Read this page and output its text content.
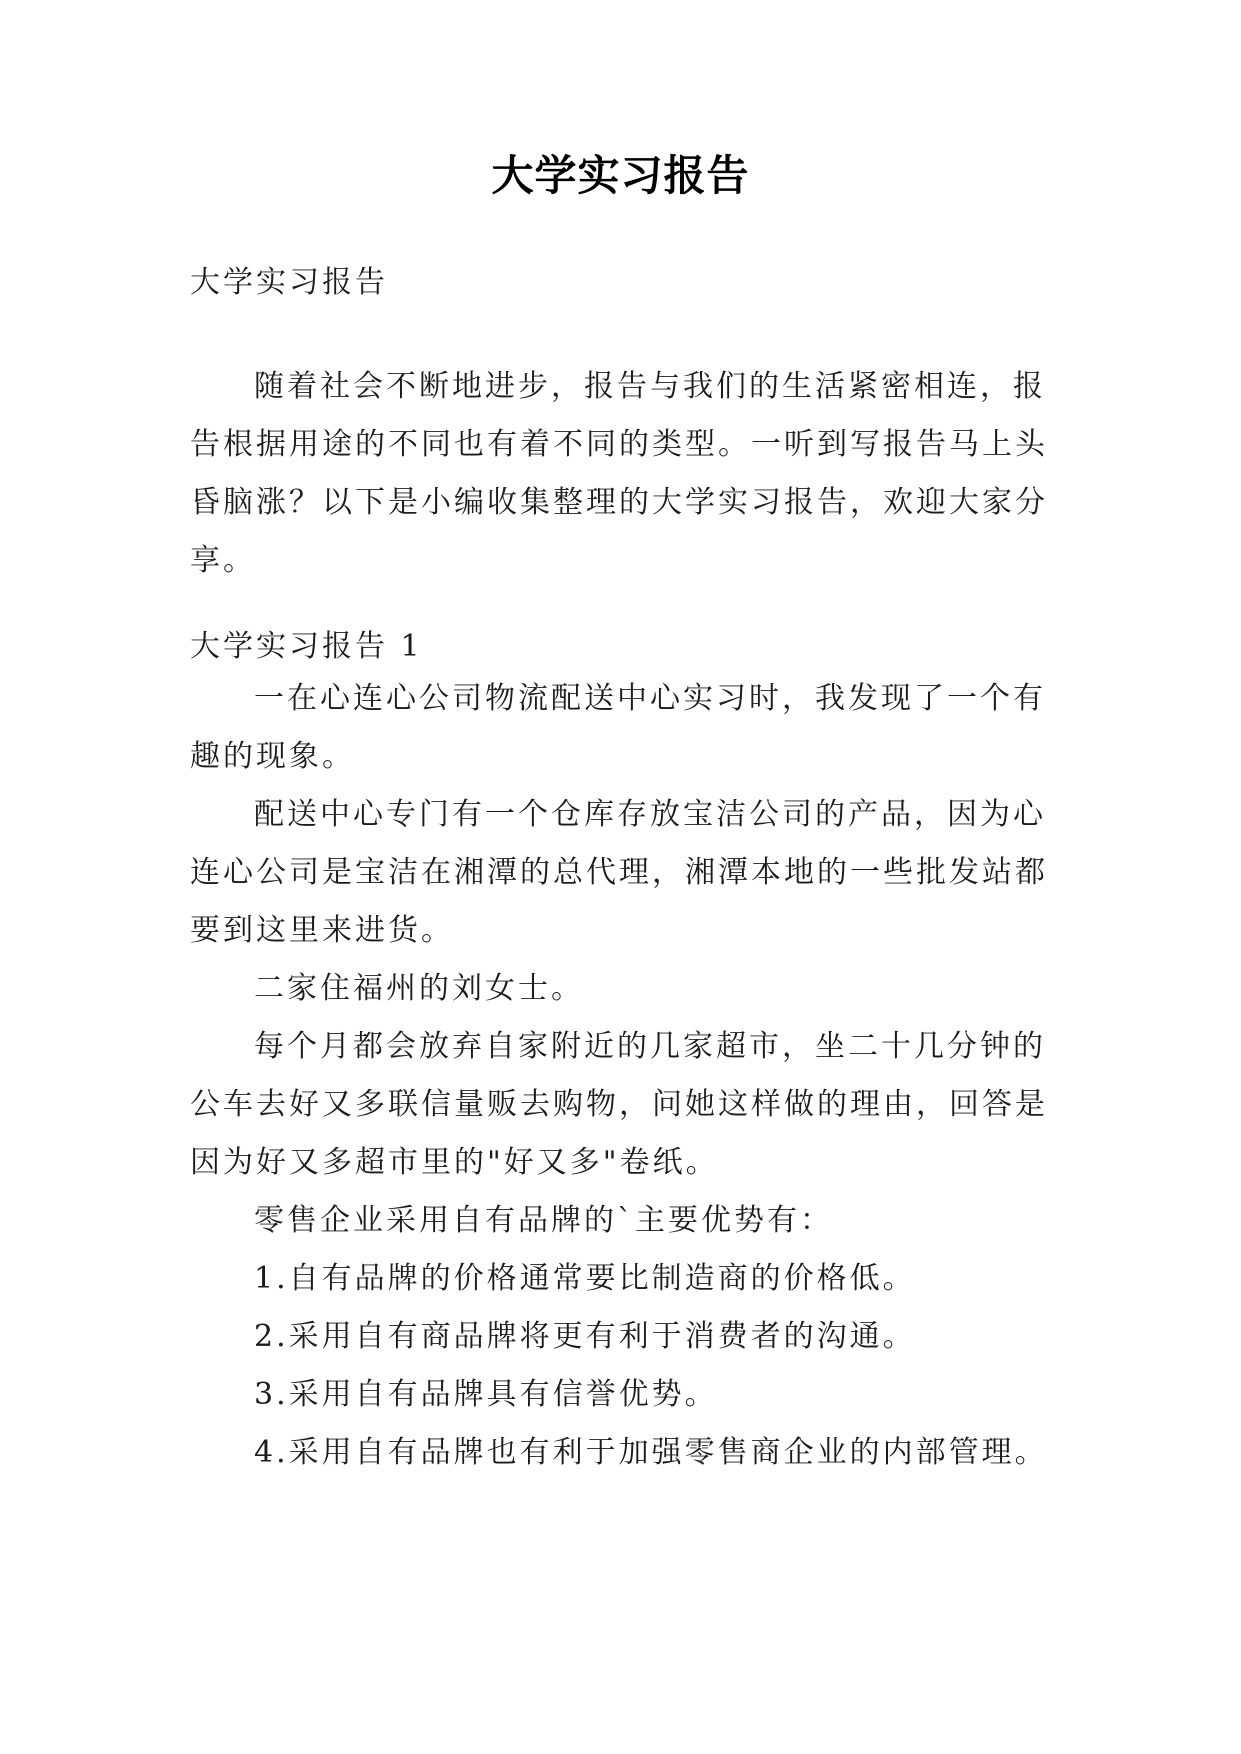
大学实习报告

大学实习报告

随着社会不断地进步，报告与我们的生活紧密相连，报告根据用途的不同也有着不同的类型。一听到写报告马上头昏脑涨？以下是小编收集整理的大学实习报告，欢迎大家分享。

大学实习报告 1

一在心连心公司物流配送中心实习时，我发现了一个有趣的现象。

配送中心专门有一个仓库存放宝洁公司的产品，因为心连心公司是宝洁在湘潭的总代理，湘潭本地的一些批发站都要到这里来进货。

二家住福州的刘女士。

每个月都会放弃自家附近的几家超市，坐二十几分钟的公车去好又多联信量贩去购物，问她这样做的理由，回答是因为好又多超市里的"好又多"卷纸。

零售企业采用自有品牌的`主要优势有：

1.自有品牌的价格通常要比制造商的价格低。

2.采用自有商品牌将更有利于消费者的沟通。

3.采用自有品牌具有信誉优势。

4.采用自有品牌也有利于加强零售商企业的内部管理。
